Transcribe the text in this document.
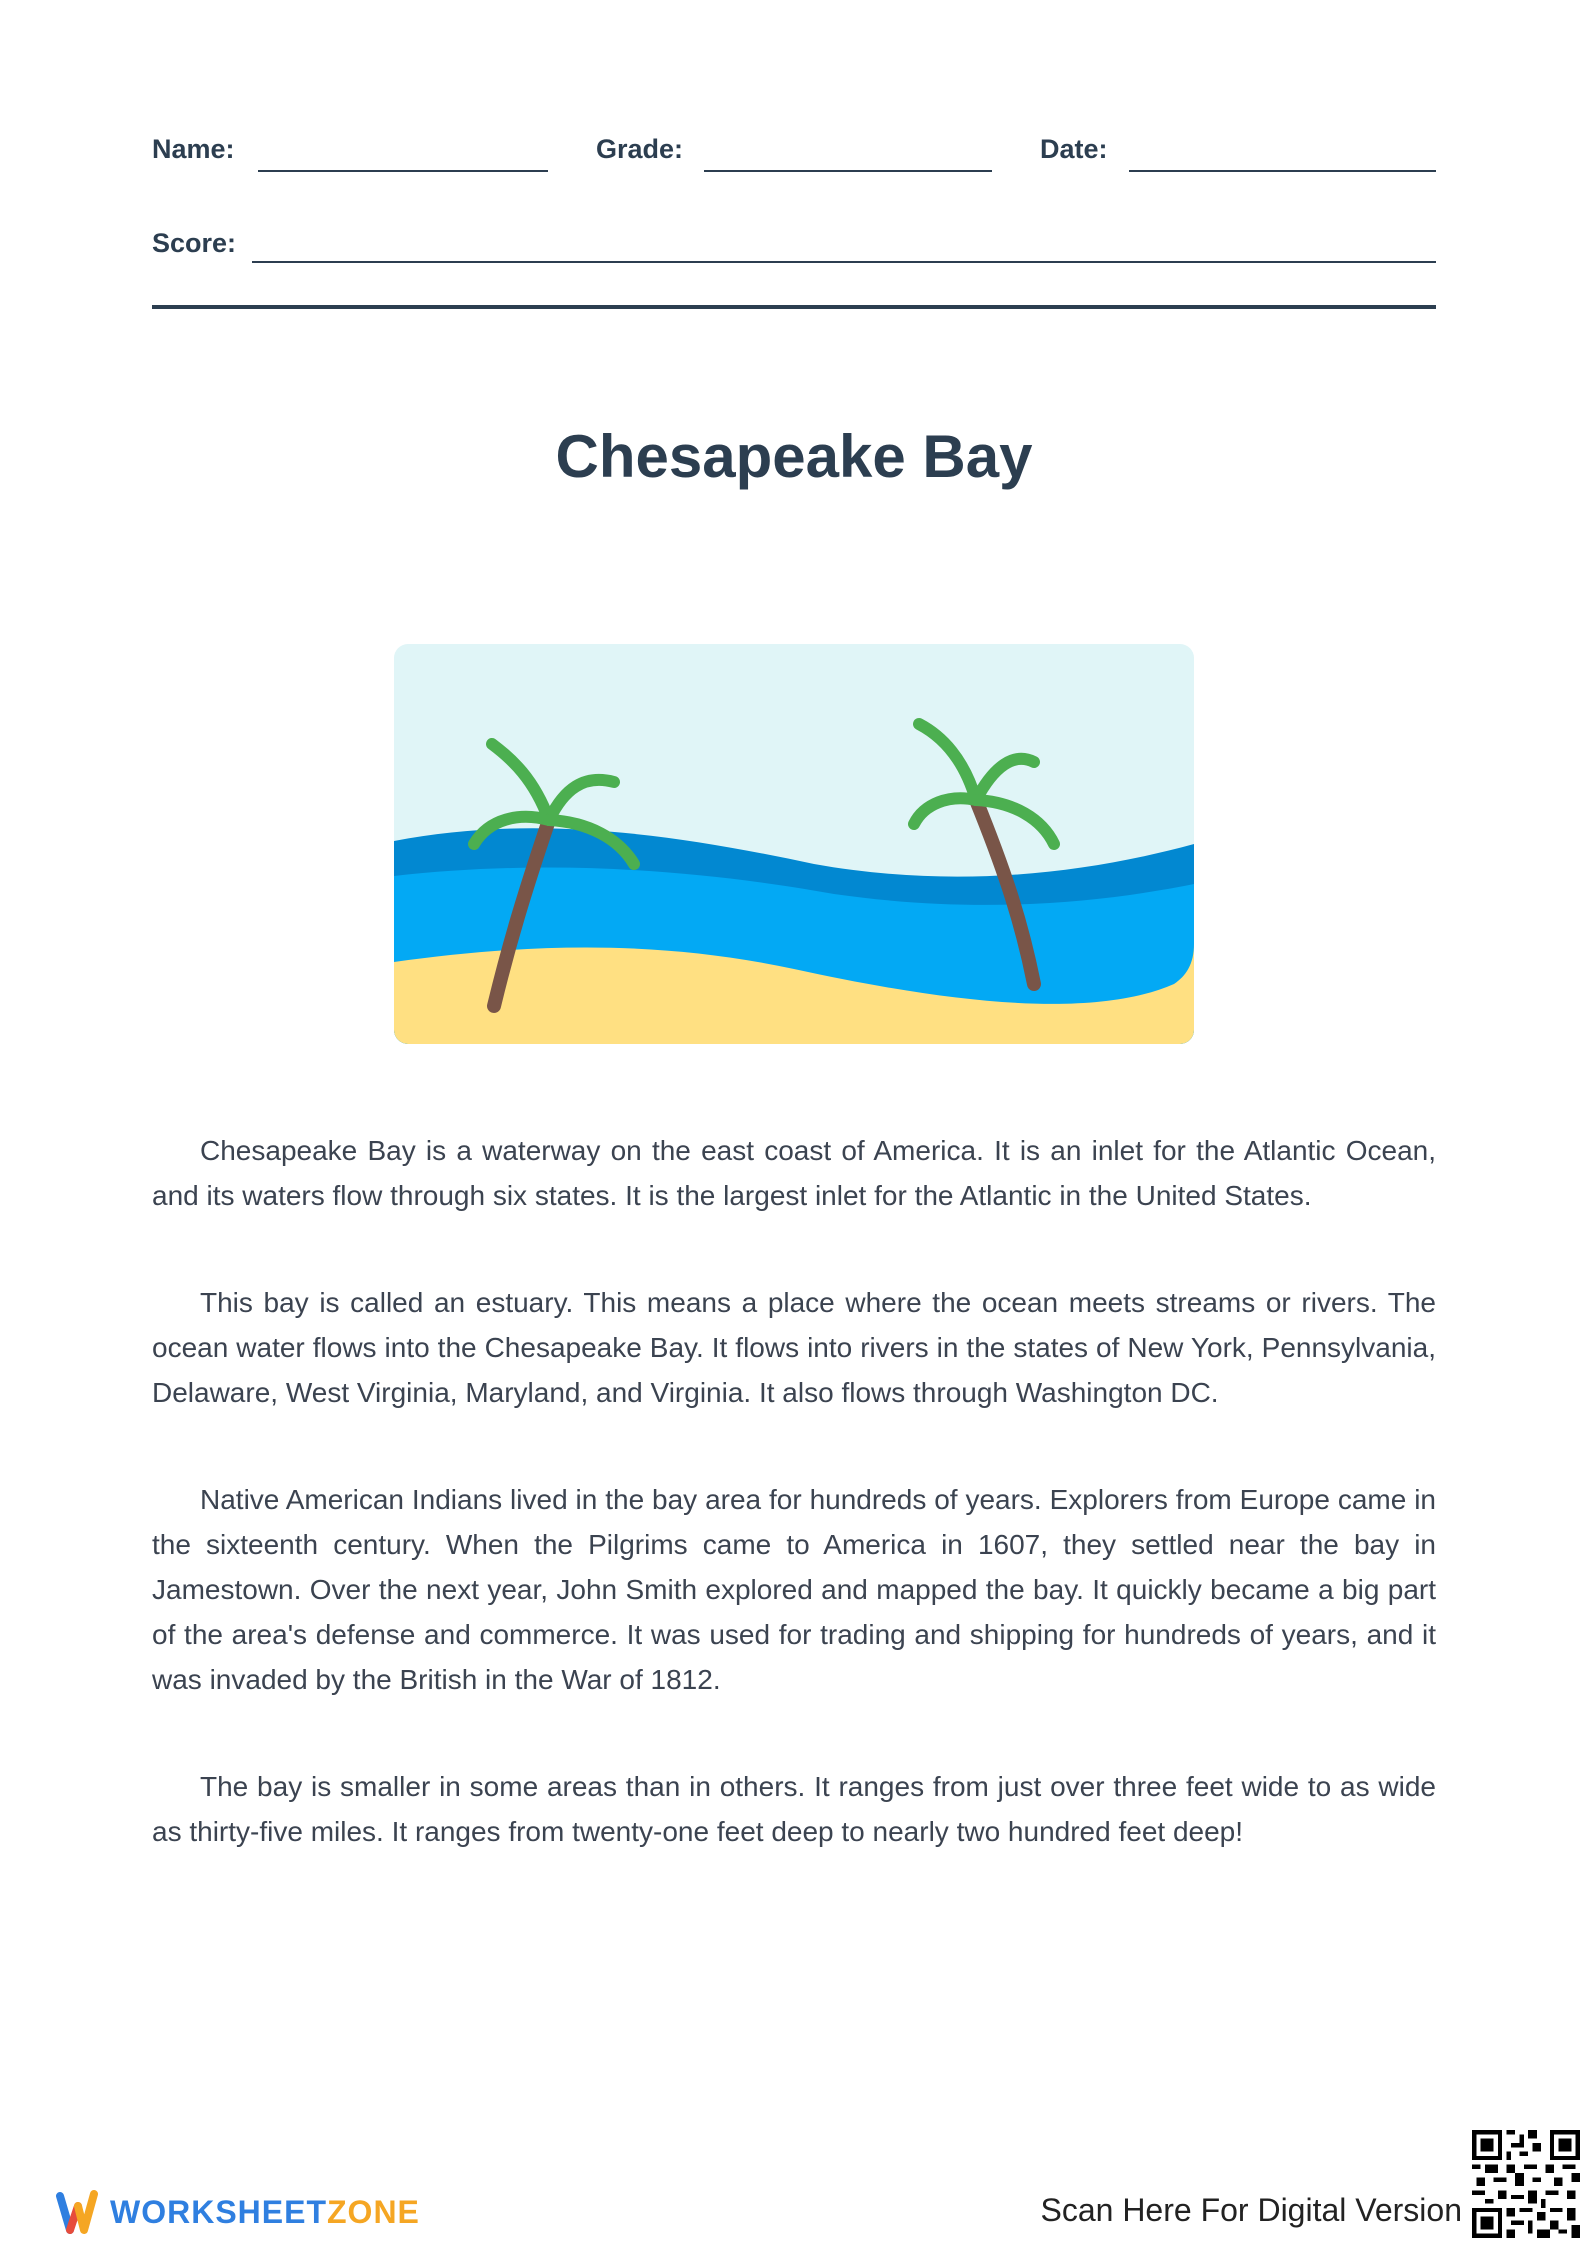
Name:	Grade:	Date:
Score:
Chesapeake Bay

Chesapeake Bay is a waterway on the east coast of America. It is an inlet for the Atlantic Ocean, and its waters flow through six states. It is the largest inlet for the Atlantic in the United States.

This bay is called an estuary. This means a place where the ocean meets streams or rivers. The ocean water flows into the Chesapeake Bay. It flows into rivers in the states of New York, Pennsylvania, Delaware, West Virginia, Maryland, and Virginia. It also flows through Washington DC.

Native American Indians lived in the bay area for hundreds of years. Explorers from Europe came in the sixteenth century. When the Pilgrims came to America in 1607, they settled near the bay in Jamestown. Over the next year, John Smith explored and mapped the bay. It quickly became a big part of the area's defense and commerce. It was used for trading and shipping for hundreds of years, and it was invaded by the British in the War of 1812.

The bay is smaller in some areas than in others. It ranges from just over three feet wide to as wide as thirty-five miles. It ranges from twenty-one feet deep to nearly two hundred feet deep!

WORKSHEETZONE	Scan Here For Digital Version
